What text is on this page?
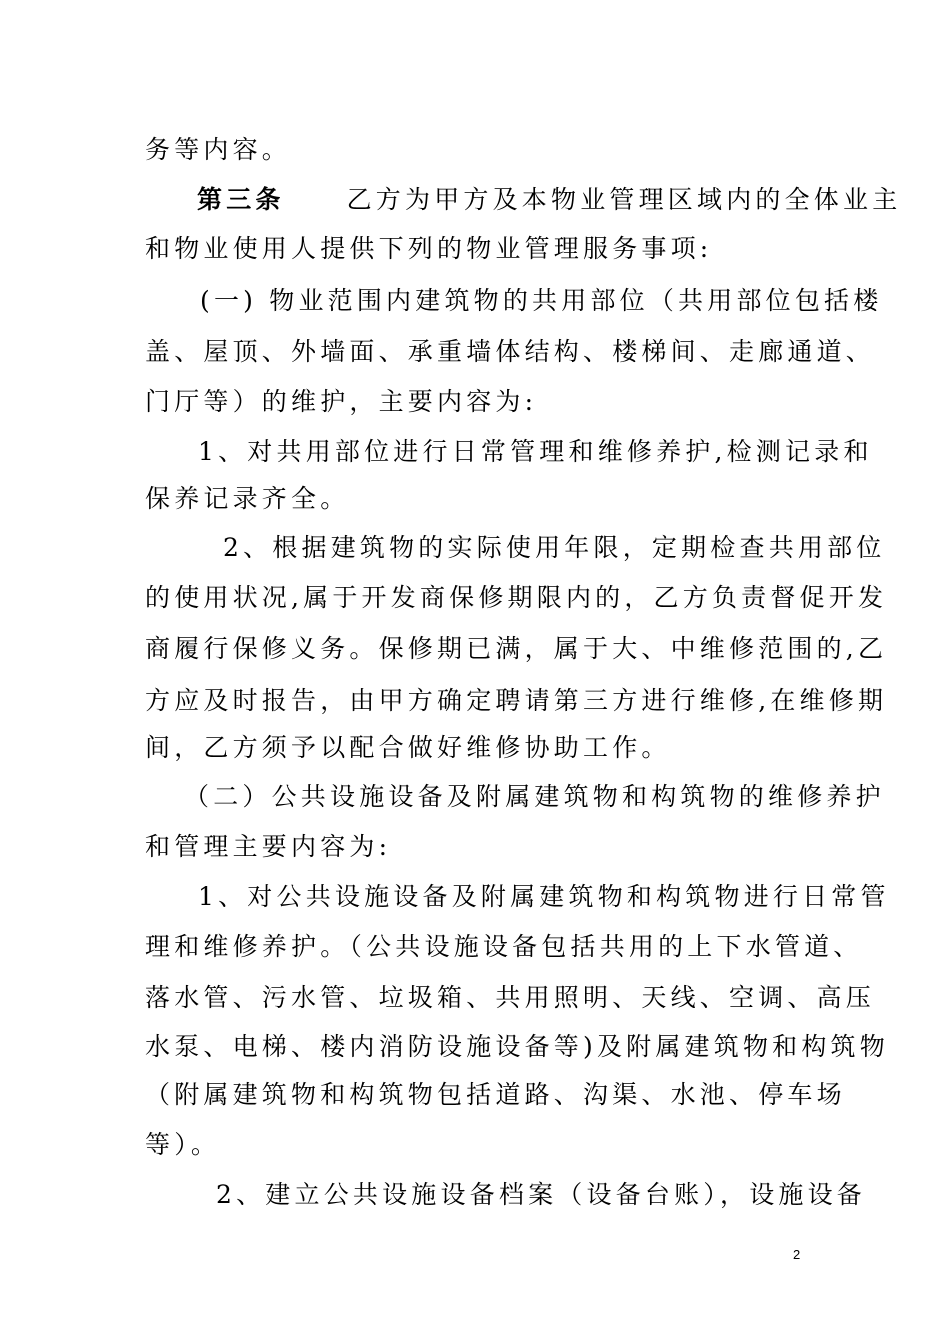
务等内容。
第三条 乙方为甲方及本物业管理区域内的全体业主
和物业使用人提供下列的物业管理服务事项:
(一) 物业范围内建筑物的共用部位（共用部位包括楼
盖、屋顶、外墙面、承重墙体结构、楼梯间、走廊通道、
门厅等）的维护，主要内容为:
1、对共用部位进行日常管理和维修养护,检测记录和
保养记录齐全。
2、根据建筑物的实际使用年限，定期检查共用部位
的使用状况,属于开发商保修期限内的，乙方负责督促开发
商履行保修义务。保修期已满，属于大、中维修范围的,乙
方应及时报告，由甲方确定聘请第三方进行维修,在维修期
间，乙方须予以配合做好维修协助工作。
（二）公共设施设备及附属建筑物和构筑物的维修养护
和管理主要内容为:
1、对公共设施设备及附属建筑物和构筑物进行日常管
理和维修养护。（公共设施设备包括共用的上下水管道、
落水管、污水管、垃圾箱、共用照明、天线、空调、高压
水泵、电梯、楼内消防设施设备等)及附属建筑物和构筑物
（附属建筑物和构筑物包括道路、沟渠、水池、停车场
等）。
2、建立公共设施设备档案（设备台账），设施设备
2
